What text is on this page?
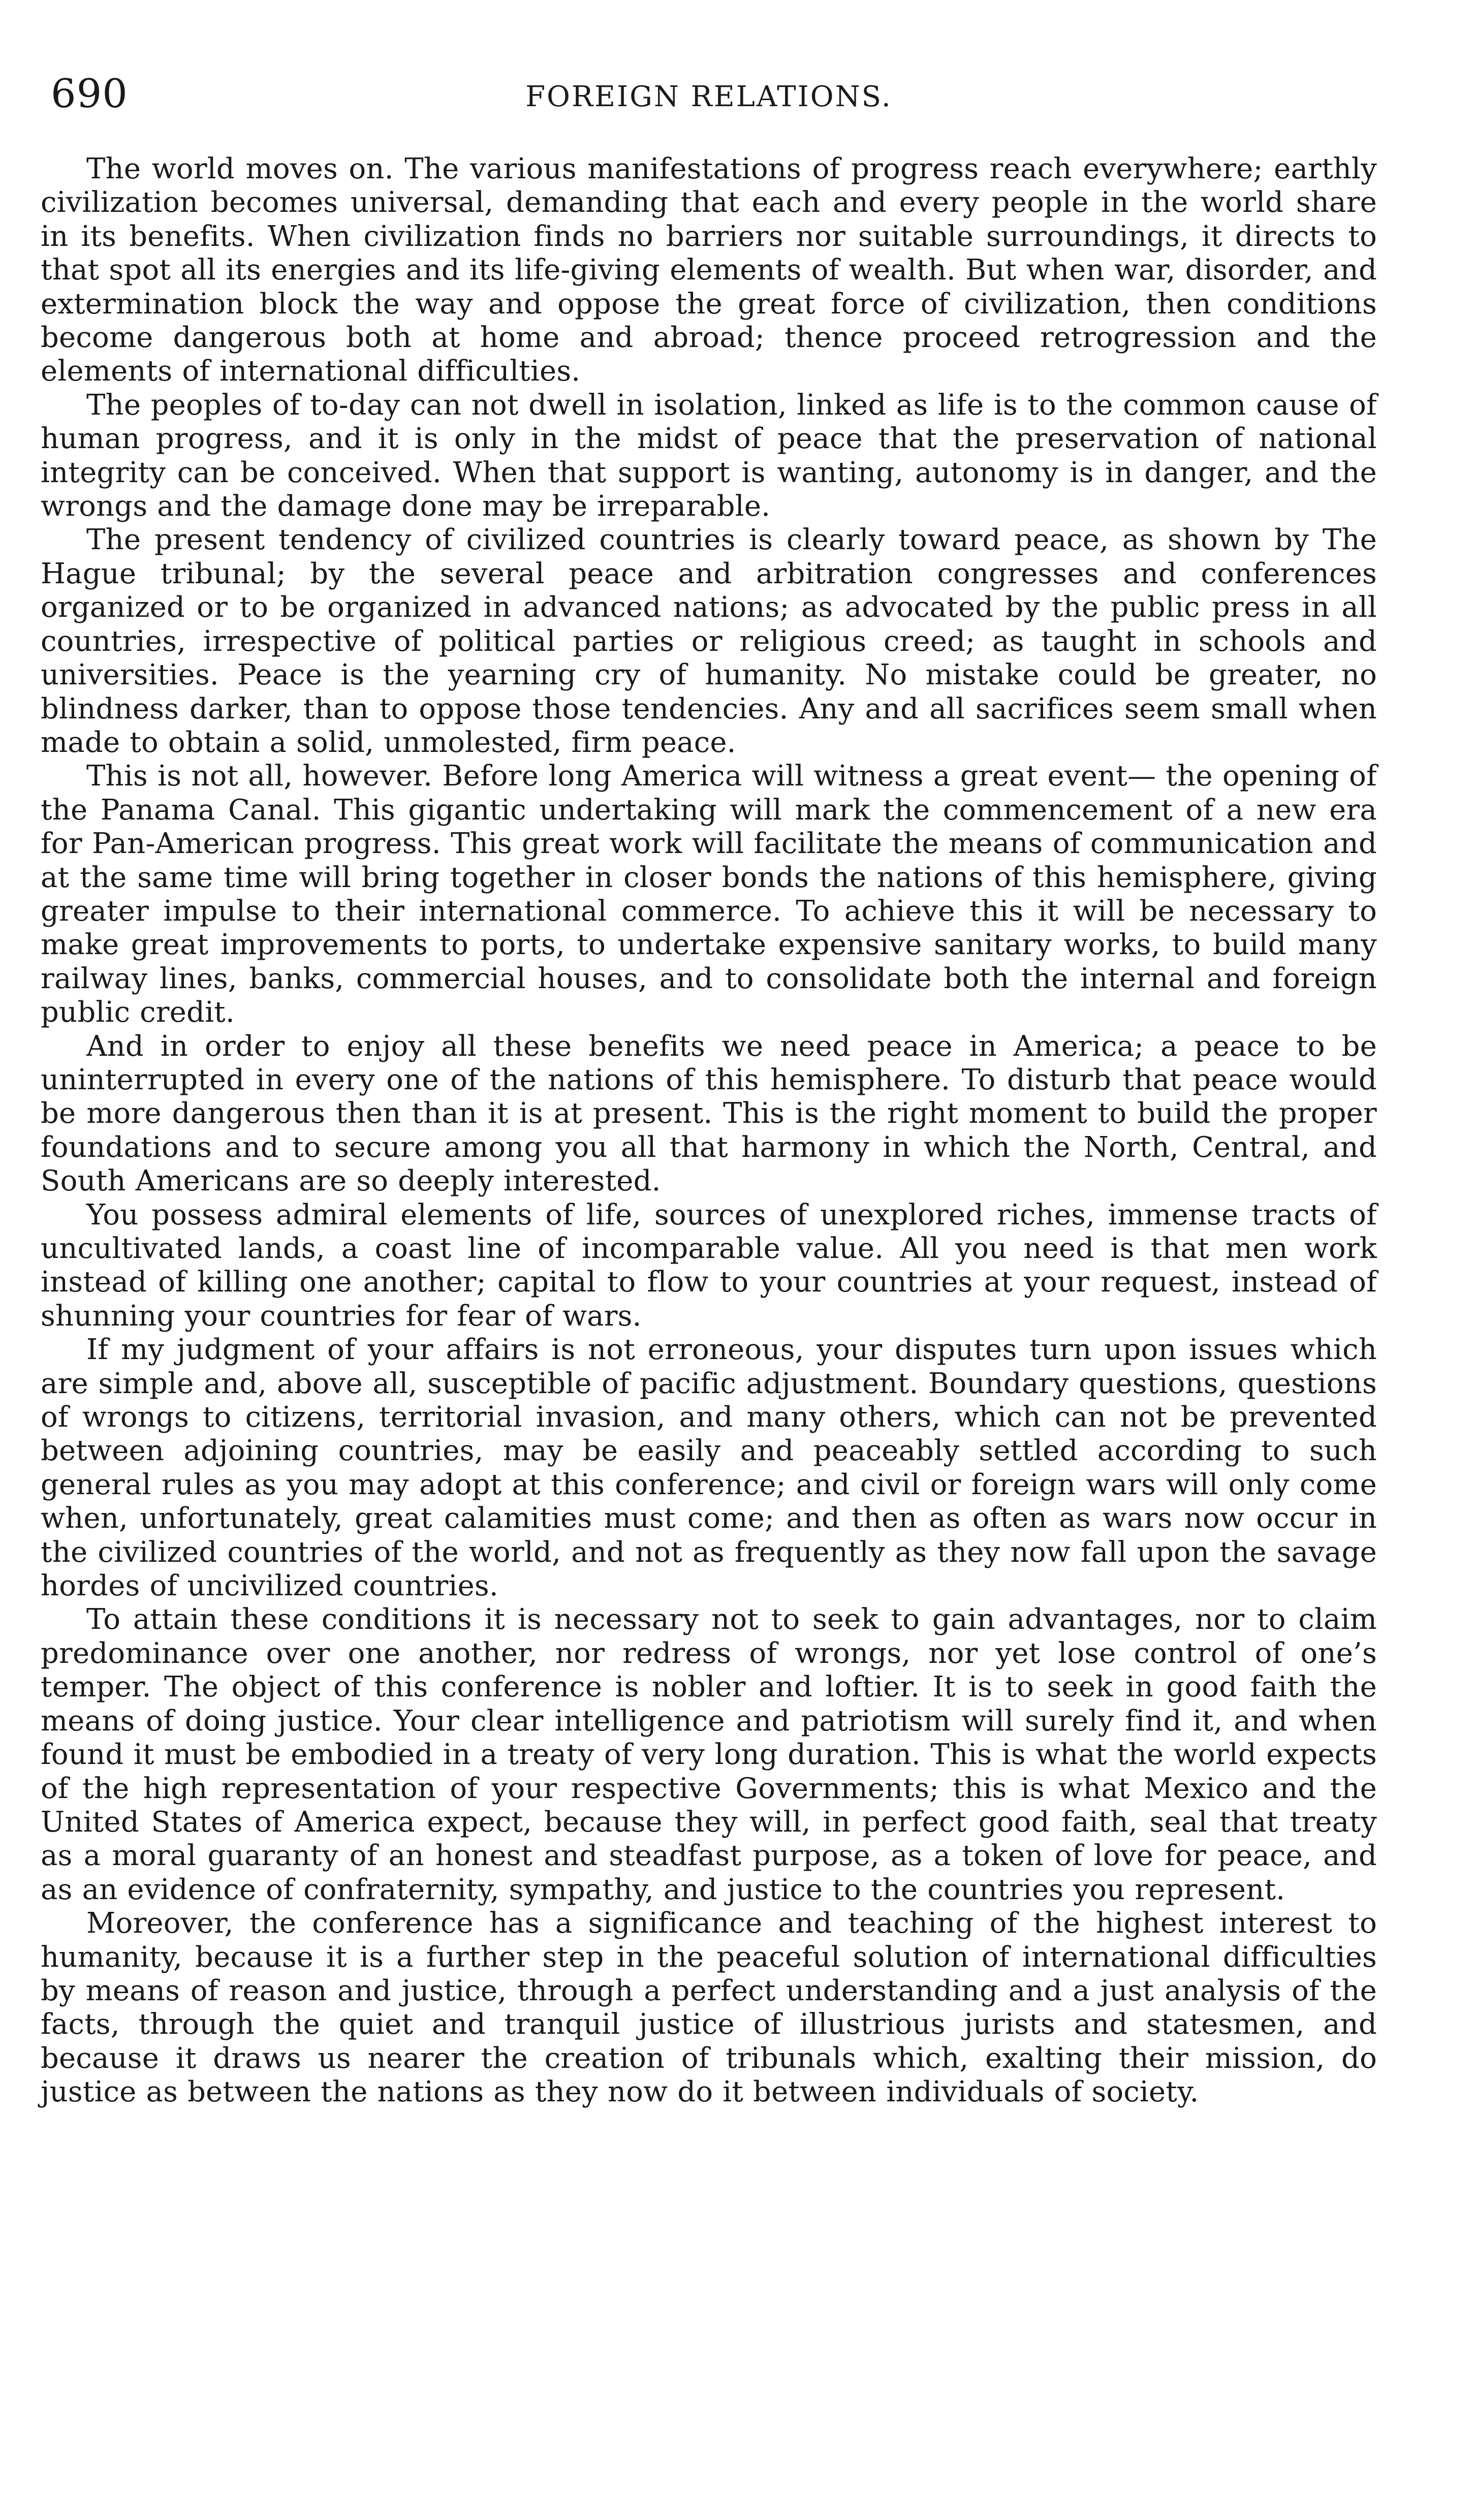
690	FOREIGN RELATIONS.

The world moves on. The various manifestations of progress reach everywhere; earthly civilization becomes universal, demanding that each and every people in the world share in its benefits. When civilization finds no barriers nor suitable surroundings, it directs to that spot all its energies and its life-giving elements of wealth. But when war, disorder, and extermination block the way and oppose the great force of civilization, then conditions become dangerous both at home and abroad; thence proceed retrogression and the elements of international difficulties.

The peoples of to-day can not dwell in isolation, linked as life is to the common cause of human progress, and it is only in the midst of peace that the preservation of national integrity can be conceived. When that support is wanting, autonomy is in danger, and the wrongs and the damage done may be irreparable.

The present tendency of civilized countries is clearly toward peace, as shown by The Hague tribunal; by the several peace and arbitration congresses and conferences organized or to be organized in advanced nations; as advocated by the public press in all countries, irrespective of political parties or religious creed; as taught in schools and universities. Peace is the yearning cry of humanity. No mistake could be greater, no blindness darker, than to oppose those tendencies. Any and all sacrifices seem small when made to obtain a solid, unmolested, firm peace.

This is not all, however. Before long America will witness a great event— the opening of the Panama Canal. This gigantic undertaking will mark the commencement of a new era for Pan-American progress. This great work will facilitate the means of communication and at the same time will bring together in closer bonds the nations of this hemisphere, giving greater impulse to their international commerce. To achieve this it will be necessary to make great improvements to ports, to undertake expensive sanitary works, to build many railway lines, banks, commercial houses, and to consolidate both the internal and foreign public credit.

And in order to enjoy all these benefits we need peace in America; a peace to be uninterrupted in every one of the nations of this hemisphere. To disturb that peace would be more dangerous then than it is at present. This is the right moment to build the proper foundations and to secure among you all that harmony in which the North, Central, and South Americans are so deeply interested.

You possess admiral elements of life, sources of unexplored riches, immense tracts of uncultivated lands, a coast line of incomparable value. All you need is that men work instead of killing one another; capital to flow to your countries at your request, instead of shunning your countries for fear of wars.

If my judgment of your affairs is not erroneous, your disputes turn upon issues which are simple and, above all, susceptible of pacific adjustment. Boundary questions, questions of wrongs to citizens, territorial invasion, and many others, which can not be prevented between adjoining countries, may be easily and peaceably settled according to such general rules as you may adopt at this conference; and civil or foreign wars will only come when, unfortunately, great calamities must come; and then as often as wars now occur in the civilized countries of the world, and not as frequently as they now fall upon the savage hordes of uncivilized countries.

To attain these conditions it is necessary not to seek to gain advantages, nor to claim predominance over one another, nor redress of wrongs, nor yet lose control of one’s temper. The object of this conference is nobler and loftier. It is to seek in good faith the means of doing justice. Your clear intelligence and patriotism will surely find it, and when found it must be embodied in a treaty of very long duration. This is what the world expects of the high representation of your respective Governments; this is what Mexico and the United States of America expect, because they will, in perfect good faith, seal that treaty as a moral guaranty of an honest and steadfast purpose, as a token of love for peace, and as an evidence of confraternity, sympathy, and justice to the countries you represent.

Moreover, the conference has a significance and teaching of the highest interest to humanity, because it is a further step in the peaceful solution of international difficulties by means of reason and justice, through a perfect understanding and a just analysis of the facts, through the quiet and tranquil justice of illustrious jurists and statesmen, and because it draws us nearer the creation of tribunals which, exalting their mission, do justice as between the nations as they now do it between individuals of society.
